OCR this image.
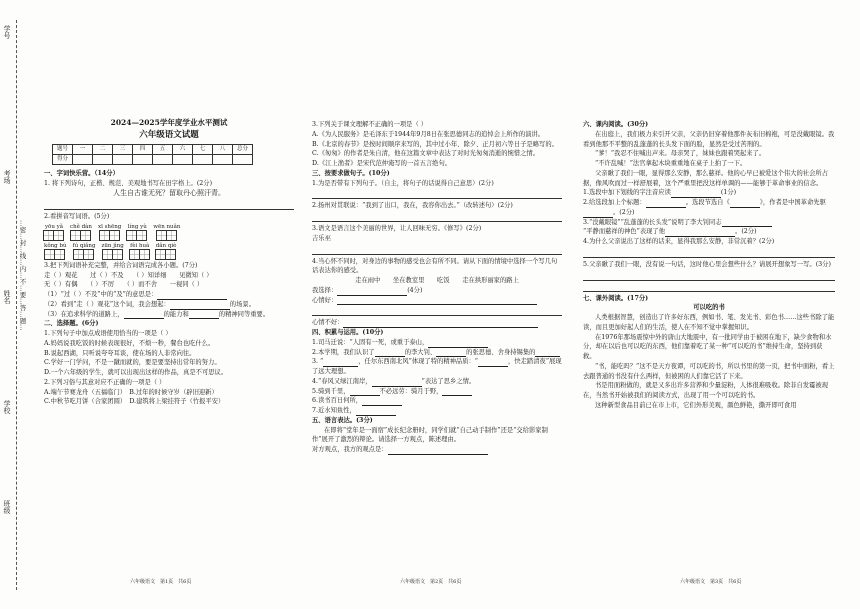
学号
考场
姓名
学校
班级
…密…封…线…内…不…要…答…题…
2024—2025学年度学业水平测试
六年级语文试题
题号	一	二	三	四	五	六	七	八	总分
得分									

一、字词快乐营。（14分）

1. 将下列诗句，正楷、规范、美观地书写在田字格上。(2分)

人生自古谁无死？留取丹心照汗青。

2.看拼音写词语。(5分)

yōu yǎ chě dàn xī shēng líng yù wēn nuǎn
kǒng bù fú qiǎng zūn jìng fèi huà dǎn qiè

3.把下列词语补充完整，并给合词语完成各小题。(7分)

走（ ）观花　　过（ ）不及　　（ ）知详细　　见微知（ ）

无（ ）有偶　　（ ）不厉　　（ ）而不舍　　一视同（ ）

（1）“过（ ）不及”中的“及”的意思是：

（2）看到“走（ ）观花”这个词，我会想起：	的场景。

（3）在追求科学的道路上，	的能力和	的精神同等重要。

二、选择题。(6分)

1.下列句子中加点成语使用恰当的一项是（ ）

A.妈妈说我吃饭的时候表现很好，不烦一秒，餐台也吃什么。

B.说起西湖，只听说夸夸耳谈，使在场的人非常向往。

C.学好一门学问，不是一蹴而就的，要是要坚持出常年的努力。

D.一个六年级的学生，就可以出现出这样的作品，真是不可思议。

2.下列习俗与其意对应不正确的一项是（ ）

A.端午节赛龙舟（五福临门）　 B.过年的时候守岁（辟旧迎新）

C.中秋节吃月饼（合家团圆）　 D.建筑将上梁挂符子（竹报平安）

六年级语文　第1页　共6页

3.下列关于课文理解不正确的一项是（ ）

A.《为人民服务》是毛泽东于1944年9月8日在张思德同志的追悼会上所作的演讲。

B.《北京的春节》是按时间顺序来写的，其中过小年、除夕、正月初六等日子是略写的。

C.《匆匆》的作者是朱自清，他在这篇文章中表达了对时光匆匆消逝的惋惜之情。

D.《江上渔者》是宋代范仲淹写的一首五言绝句。

三、按要求做句子。(10分)

1.为是否带有下列句子。（自主，将句子的话说得自己意思）(2分)

2.扬州对贯联说：“我到了出口，我在，我容你出去。”（改转述句）(2分)

3.语文是语言这个美丽的世界，让人回味无穷。《修写》(2分)

吉乐巫

4.当心怀不同时，对身边的事物的感受也会有所不同。请从下面的情境中选择一个写几句话表达你的感受。

走在雨中　　坐在教室里　　吃饭　　走在拱形丽家的路上

我选择：	(4分)

心情好：

心情不好：

四、积累与运用。(10分)

1.司马迁说：“人固有一死，或重于泰山，

2.本学期，我们认识了	的李大钊、	的张思德、舍身持锡集的

3. “	，任尔东西南北风”体现了特的精神品质：“	，快走踏清夜”展现了远大理想。

4.“春风又绿江南岸，	”表达了思乡之情。

5.骑到千里，	不必远劳：骑月于野，

6.读书百日何所，

7.近水知鱼性，

五、语言表达。(3分)

在即将“堂年是一面宿”成长纪念册时，同学们就“自己动手制作”还是“交给影家制作”展开了激烈的辩论。请选择一方观点，陈述理由。

对方观点，我方的观点是：

六年级语文　第2页　共6页

六、课内阅读。(30分)

在出庭上，我们极力来引开父亲，父亲仍旧穿着他那件灰布旧棉袍，可是没戴眼镜。我看到他那不平整的乱蓬蓬的长头发下面的脸，显然是受过苦刑的。

“爹！”我忍不住喊出声来。母亲哭了，妹妹也跟着哭起来了。

“不许乱喊！”法官拿起木块重重地在桌子上拍了一下。

父亲瞅了我们一眼，显得那么安静，那么慈祥。他的心早已被爱这个伟大的社会所占据，像风吹而过一样舒展着，这个严重里把没这样单调的——能够于革命事业的信念。

1.选段中加下划线的字注音应读	(1分)

2.给选段加上个标题：	。选段节选自《	》，作者是中国革命先驱。(2分)

3.“没戴眼镜”“乱蓬蓬的长头发”说明了李大钊同志

“平静而慈祥的神色”表现了他	。(2分)

4.为什么父亲说出了这样的话来，显得我那么安静，非常沉着？(2分)

5.父亲瞅了我们一眼，没有说一句话，这时他心里会想些什么？请展开想象写一写。(3分)

七、课外阅读。(17分)

可以吃的书

人类根据智慧，创造出了许多好东西，例如书、笔、发光书、彩色书……这些书除了能读，而且更加好起人们的生活，使人在不知不觉中掌握知识。

在1976年那场震惊中外的唐山大地震中，有一批同学由于被困在地下，缺少食物和水分，却在以后也可以吃的东西，他们靠着吃了某一种“可以吃的书”维持生命，坚持到获救。

“书，能吃吗？”这不是天方夜谭，可以吃的书，所以书里的第一页，把书中面粉，看上去跟普通的书没有什么两样，但被困的人们靠它活了下来。

书是用面粉做的，就是又多出许多营养和少量淀粉，人体很难吸收。除非自发霉被现在，当然书开始被我们的阅读方式，出现了用一个可以吃的书。

这种新型食品目前已在市上市，它们外形美观，颜色鲜艳，撕开即可食用

六年级语文　第3页　共6页
